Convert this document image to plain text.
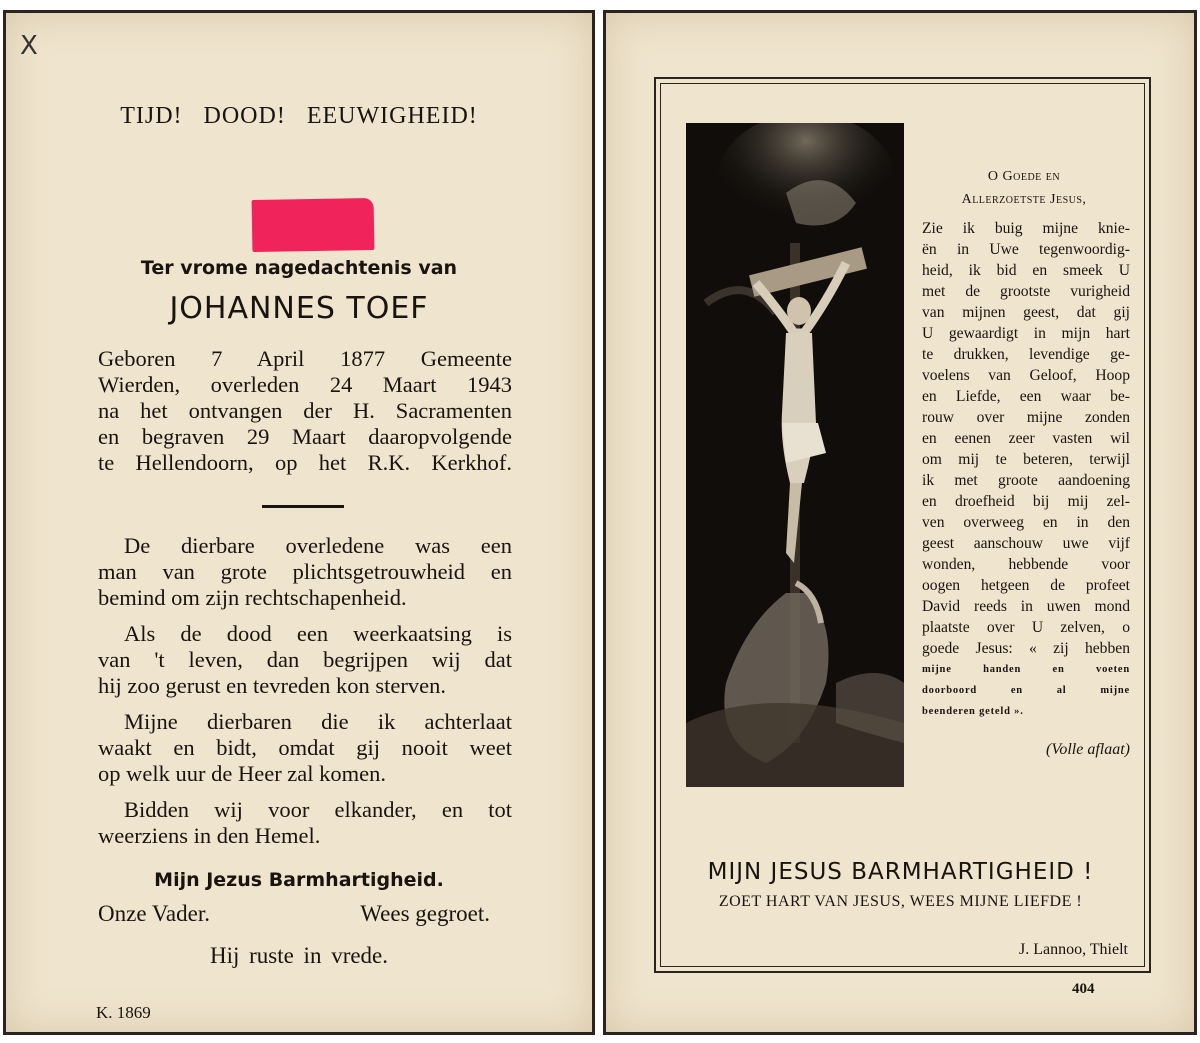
X
TIJD! DOOD! EEUWIGHEID!
Ter vrome nagedachtenis van
JOHANNES TOEF
Geboren 7 April 1877 Gemeente
Wierden, overleden 24 Maart 1943
na het ontvangen der H. Sacramenten
en begraven 29 Maart daaropvolgende
te Hellendoorn, op het R.K. Kerkhof.

De dierbare overledene was een
man van grote plichtsgetrouwheid en
bemind om zijn rechtschapenheid.

Als de dood een weerkaatsing is
van 't leven, dan begrijpen wij dat
hij zoo gerust en tevreden kon sterven.

Mijne dierbaren die ik achterlaat
waakt en bidt, omdat gij nooit weet
op welk uur de Heer zal komen.

Bidden wij voor elkander, en tot
weerziens in den Hemel.

Mijn Jezus Barmhartigheid.
Onze Vader.	Wees gegroet.
Hij ruste in vrede.
K. 1869
O Goede en
Allerzoetste Jesus,
Zie ik buig mijne knie-
ën in Uwe tegenwoordig-
heid, ik bid en smeek U
met de grootste vurigheid
van mijnen geest, dat gij
U gewaardigt in mijn hart
te drukken, levendige ge-
voelens van Geloof, Hoop
en Liefde, een waar be-
rouw over mijne zonden
en eenen zeer vasten wil
om mij te beteren, terwijl
ik met groote aandoening
en droefheid bij mij zel-
ven overweeg en in den
geest aanschouw uwe vijf
wonden, hebbende voor
oogen hetgeen de profeet
David reeds in uwen mond
plaatste over U zelven, o
goede Jesus: « zij hebben
mijne handen en voeten
doorboord en al mijne
beenderen geteld ».
(Volle aflaat)
MIJN JESUS BARMHARTIGHEID !
ZOET HART VAN JESUS, WEES MIJNE LIEFDE !
J. Lannoo, Thielt
404
